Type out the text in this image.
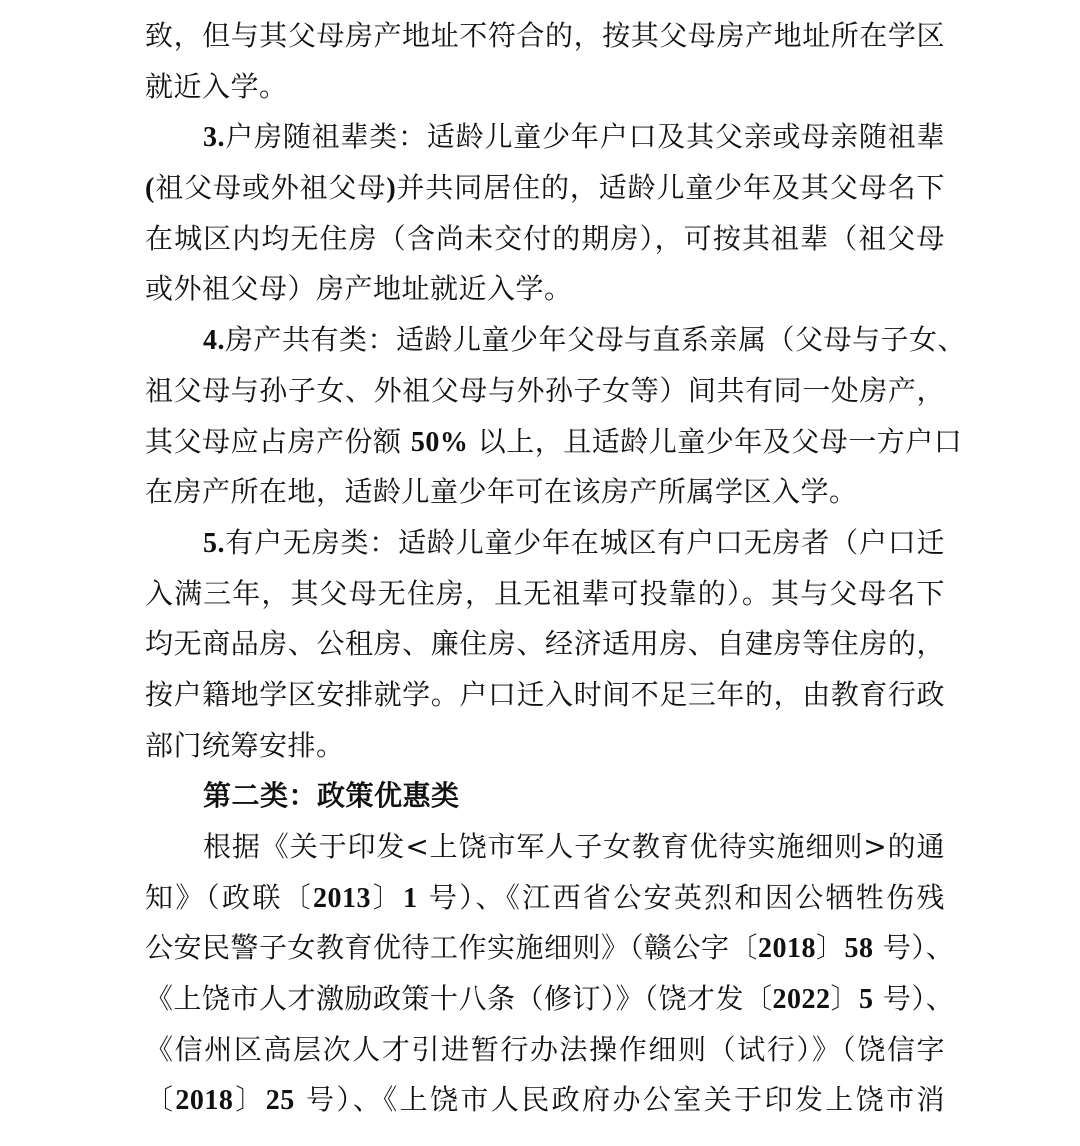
致，但与其父母房产地址不符合的，按其父母房产地址所在学区
就近入学。
3.户房随祖辈类：适龄儿童少年户口及其父亲或母亲随祖辈
(祖父母或外祖父母)并共同居住的，适龄儿童少年及其父母名下
在城区内均无住房（含尚未交付的期房），可按其祖辈（祖父母
或外祖父母）房产地址就近入学。
4.房产共有类：适龄儿童少年父母与直系亲属（父母与子女、
祖父母与孙子女、外祖父母与外孙子女等）间共有同一处房产，
其父母应占房产份额 50% 以上，且适龄儿童少年及父母一方户口
在房产所在地，适龄儿童少年可在该房产所属学区入学。
5.有户无房类：适龄儿童少年在城区有户口无房者（户口迁
入满三年，其父母无住房，且无祖辈可投靠的）。其与父母名下
均无商品房、公租房、廉住房、经济适用房、自建房等住房的，
按户籍地学区安排就学。户口迁入时间不足三年的，由教育行政
部门统筹安排。
第二类：政策优惠类
根据《关于印发<上饶市军人子女教育优待实施细则>的通
知》（政联〔2013〕1 号）、《江西省公安英烈和因公牺牲伤残
公安民警子女教育优待工作实施细则》（赣公字〔2018〕58 号）、
《上饶市人才激励政策十八条（修订）》（饶才发〔2022〕5 号）、
《信州区高层次人才引进暂行办法操作细则（试行）》（饶信字
〔2018〕25 号）、《上饶市人民政府办公室关于印发上饶市消
